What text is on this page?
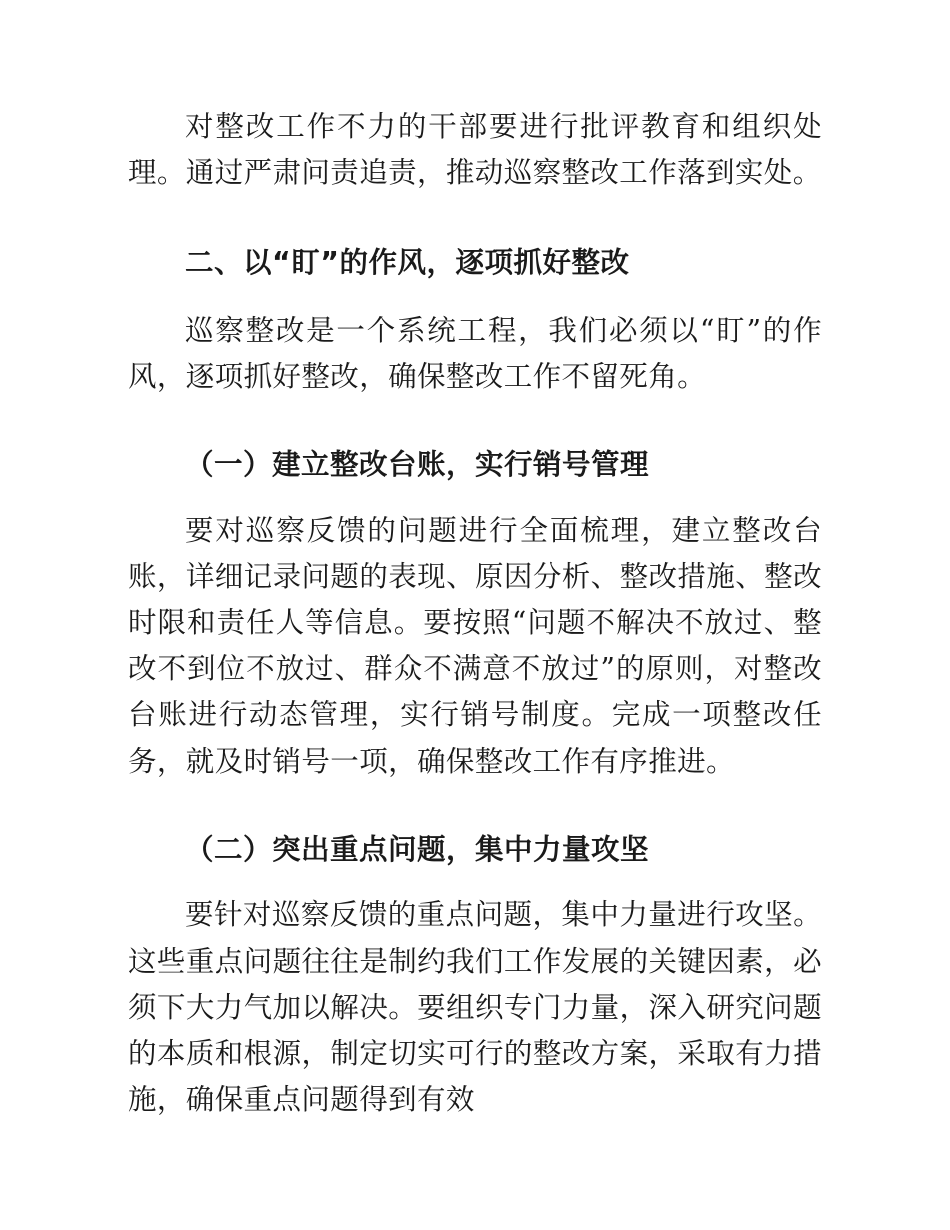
对整改工作不力的干部要进行批评教育和组织处理。通过严肃问责追责，推动巡察整改工作落到实处。

二、以“盯”的作风，逐项抓好整改

巡察整改是一个系统工程，我们必须以“盯”的作风，逐项抓好整改，确保整改工作不留死角。

（一）建立整改台账，实行销号管理

要对巡察反馈的问题进行全面梳理，建立整改台账，详细记录问题的表现、原因分析、整改措施、整改时限和责任人等信息。要按照“问题不解决不放过、整改不到位不放过、群众不满意不放过”的原则，对整改台账进行动态管理，实行销号制度。完成一项整改任务，就及时销号一项，确保整改工作有序推进。

（二）突出重点问题，集中力量攻坚

要针对巡察反馈的重点问题，集中力量进行攻坚。这些重点问题往往是制约我们工作发展的关键因素，必须下大力气加以解决。要组织专门力量，深入研究问题的本质和根源，制定切实可行的整改方案，采取有力措施，确保重点问题得到有效
